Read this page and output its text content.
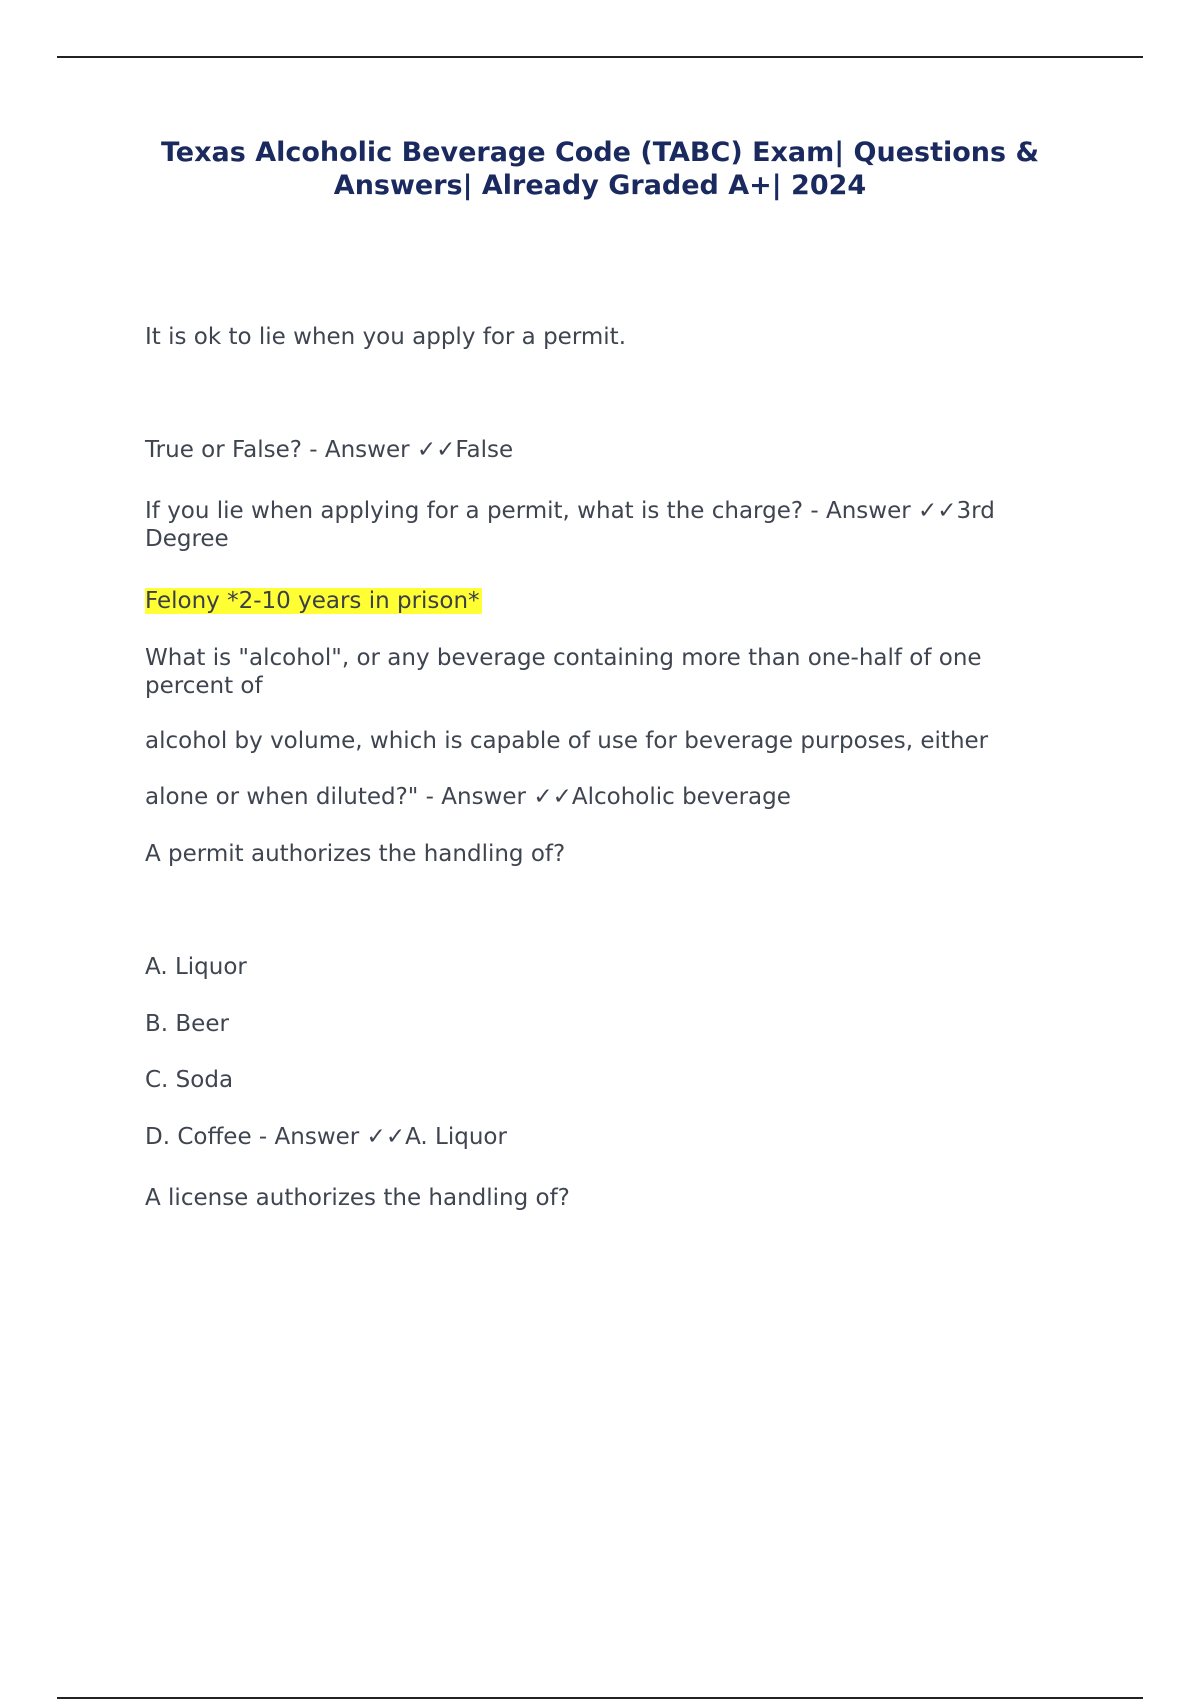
Texas Alcoholic Beverage Code (TABC) Exam| Questions &
Answers| Already Graded A+| 2024
It is ok to lie when you apply for a permit.
True or False? - Answer ✓✓False
If you lie when applying for a permit, what is the charge? - Answer ✓✓3rd
Degree
Felony *2-10 years in prison*
What is "alcohol", or any beverage containing more than one-half of one
percent of
alcohol by volume, which is capable of use for beverage purposes, either
alone or when diluted?" - Answer ✓✓Alcoholic beverage
A permit authorizes the handling of?
A. Liquor
B. Beer
C. Soda
D. Coffee - Answer ✓✓A. Liquor
A license authorizes the handling of?
